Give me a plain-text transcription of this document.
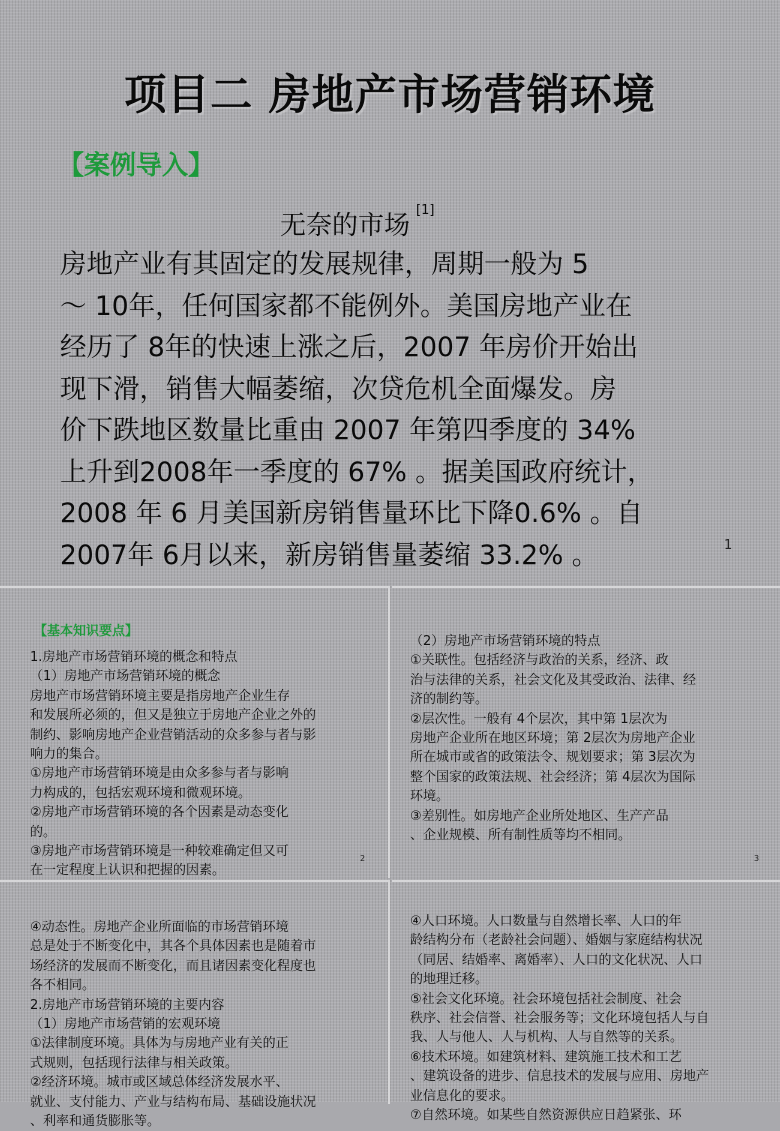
项目二 房地产市场营销环境
【案例导入】
无奈的市场[1]
房地产业有其固定的发展规律，周期一般为 5
～ 10年，任何国家都不能例外。美国房地产业在
经历了 8年的快速上涨之后，2007 年房价开始出
现下滑，销售大幅萎缩，次贷危机全面爆发。房
价下跌地区数量比重由 2007 年第四季度的 34%
上升到2008年一季度的 67% 。据美国政府统计，
2008 年 6 月美国新房销售量环比下降0.6% 。自
2007年 6月以来，新房销售量萎缩 33.2% 。	1
【基本知识要点】
1.房地产市场营销环境的概念和特点
（1）房地产市场营销环境的概念
房地产市场营销环境主要是指房地产企业生存
和发展所必须的，但又是独立于房地产企业之外的
制约、影响房地产企业营销活动的众多参与者与影
响力的集合。
①房地产市场营销环境是由众多参与者与影响
力构成的，包括宏观环境和微观环境。
②房地产市场营销环境的各个因素是动态变化
的。
③房地产市场营销环境是一种较难确定但又可
在一定程度上认识和把握的因素。
2
（2）房地产市场营销环境的特点
①关联性。包括经济与政治的关系，经济、政
治与法律的关系，社会文化及其受政治、法律、经
济的制约等。
②层次性。一般有 4个层次，其中第 1层次为
房地产企业所在地区环境；第 2层次为房地产企业
所在城市或省的政策法令、规划要求；第 3层次为
整个国家的政策法规、社会经济；第 4层次为国际
环境。
③差别性。如房地产企业所处地区、生产产品
、企业规模、所有制性质等均不相同。
3
④动态性。房地产企业所面临的市场营销环境
总是处于不断变化中，其各个具体因素也是随着市
场经济的发展而不断变化，而且诸因素变化程度也
各不相同。
2.房地产市场营销环境的主要内容
（1）房地产市场营销的宏观环境
①法律制度环境。具体为与房地产业有关的正
式规则，包括现行法律与相关政策。
②经济环境。城市或区域总体经济发展水平、
就业、支付能力、产业与结构布局、基础设施状况
、利率和通货膨胀等。
④人口环境。人口数量与自然增长率、人口的年
龄结构分布（老龄社会问题）、婚姻与家庭结构状况
（同居、结婚率、离婚率）、人口的文化状况、人口
的地理迁移。
⑤社会文化环境。社会环境包括社会制度、社会
秩序、社会信誉、社会服务等；文化环境包括人与自
我、人与他人、人与机构、人与自然等的关系。
⑥技术环境。如建筑材料、建筑施工技术和工艺
、建筑设备的进步、信息技术的发展与应用、房地产
业信息化的要求。
⑦自然环境。如某些自然资源供应日趋紧张、环
